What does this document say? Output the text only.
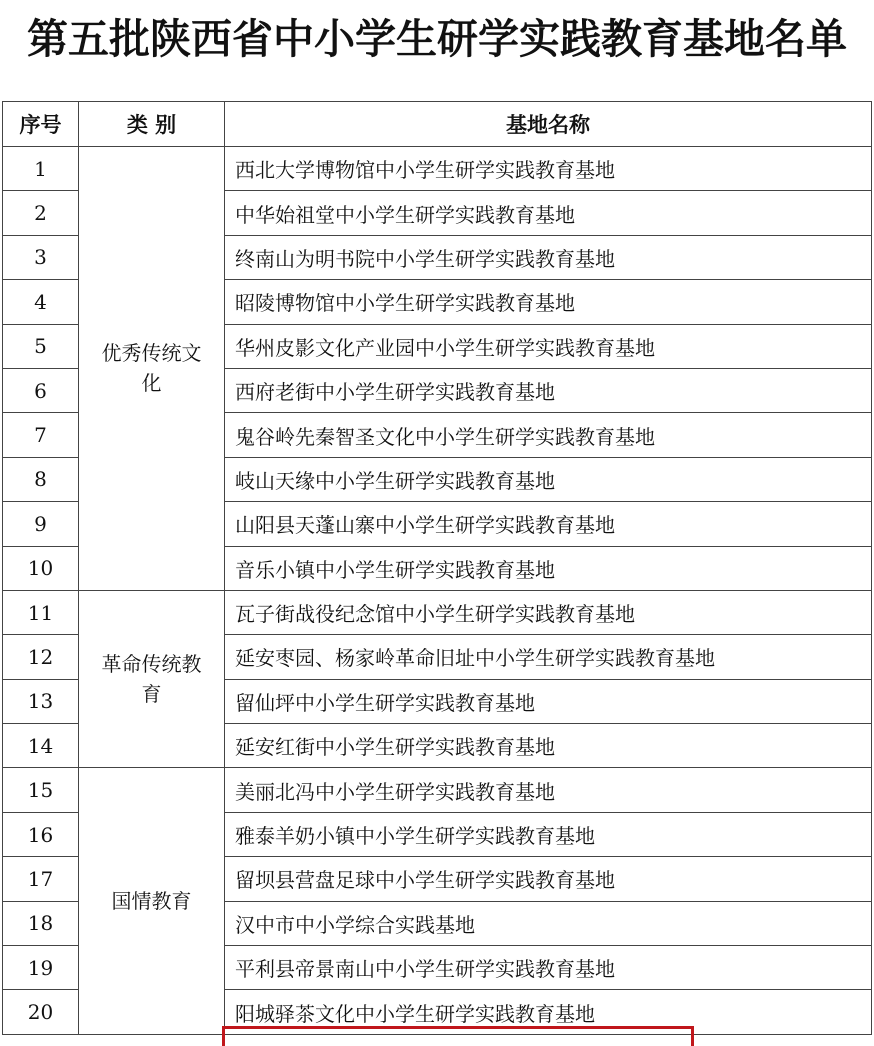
第五批陕西省中小学生研学实践教育基地名单
序号	类 别	基地名称
1	优秀传统文化	西北大学博物馆中小学生研学实践教育基地
2		中华始祖堂中小学生研学实践教育基地
3		终南山为明书院中小学生研学实践教育基地
4		昭陵博物馆中小学生研学实践教育基地
5		华州皮影文化产业园中小学生研学实践教育基地
6		西府老街中小学生研学实践教育基地
7		鬼谷岭先秦智圣文化中小学生研学实践教育基地
8		岐山天缘中小学生研学实践教育基地
9		山阳县天蓬山寨中小学生研学实践教育基地
10		音乐小镇中小学生研学实践教育基地
11	革命传统教育	瓦子街战役纪念馆中小学生研学实践教育基地
12		延安枣园、杨家岭革命旧址中小学生研学实践教育基地
13		留仙坪中小学生研学实践教育基地
14		延安红街中小学生研学实践教育基地
15	国情教育	美丽北冯中小学生研学实践教育基地
16		雅泰羊奶小镇中小学生研学实践教育基地
17		留坝县营盘足球中小学生研学实践教育基地
18		汉中市中小学综合实践基地
19		平利县帝景南山中小学生研学实践教育基地
20		阳城驿茶文化中小学生研学实践教育基地
